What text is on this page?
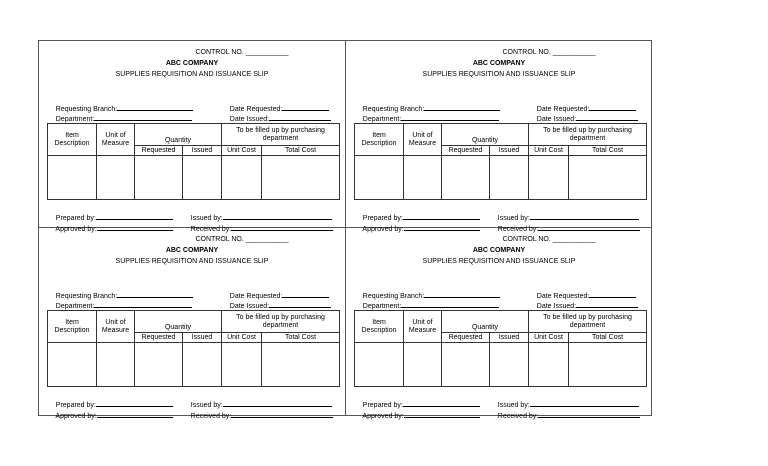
CONTROL NO. ___________
ABC COMPANY
SUPPLIES REQUISITION AND ISSUANCE SLIP

Requesting Branch:

Department:

Date Requested:

Date Issued:

Item Description	Unit of Measure	Quantity		To be filled up by purchasing department	
		Requested	Issued	Unit Cost	Total Cost

Prepared by:

Approved by:

Issued by:

Received by:

CONTROL NO. ___________
ABC COMPANY
SUPPLIES REQUISITION AND ISSUANCE SLIP

Requesting Branch:

Department:

Date Requested:

Date Issued:

Item Description	Unit of Measure	Quantity		To be filled up by purchasing department	
		Requested	Issued	Unit Cost	Total Cost

Prepared by:

Approved by:

Issued by:

Received by:

CONTROL NO. ___________
ABC COMPANY
SUPPLIES REQUISITION AND ISSUANCE SLIP

Requesting Branch:

Department:

Date Requested:

Date Issued:

Item Description	Unit of Measure	Quantity		To be filled up by purchasing department	
		Requested	Issued	Unit Cost	Total Cost

Prepared by:

Approved by:

Issued by:

Received by:

CONTROL NO. ___________
ABC COMPANY
SUPPLIES REQUISITION AND ISSUANCE SLIP

Requesting Branch:

Department:

Date Requested:

Date Issued:

Item Description	Unit of Measure	Quantity		To be filled up by purchasing department	
		Requested	Issued	Unit Cost	Total Cost

Prepared by:

Approved by:

Issued by:

Received by:
